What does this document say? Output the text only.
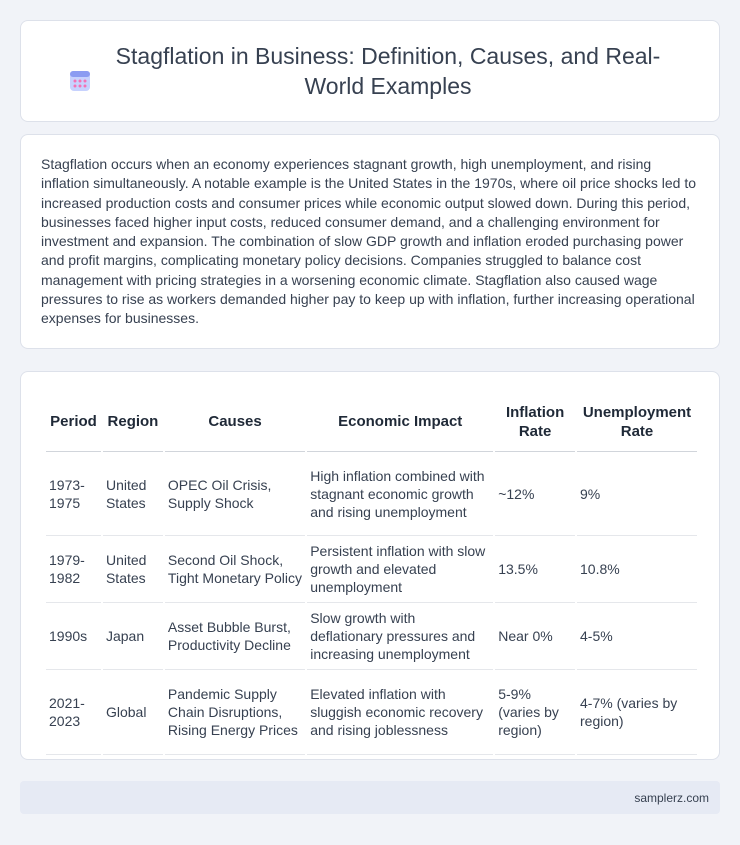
Stagflation in Business: Definition, Causes, and Real-World Examples

Stagflation occurs when an economy experiences stagnant growth, high unemployment, and rising inflation simultaneously. A notable example is the United States in the 1970s, where oil price shocks led to increased production costs and consumer prices while economic output slowed down. During this period, businesses faced higher input costs, reduced consumer demand, and a challenging environment for investment and expansion. The combination of slow GDP growth and inflation eroded purchasing power and profit margins, complicating monetary policy decisions. Companies struggled to balance cost management with pricing strategies in a worsening economic climate. Stagflation also caused wage pressures to rise as workers demanded higher pay to keep up with inflation, further increasing operational expenses for businesses.

Period	Region	Causes	Economic Impact	Inflation Rate	Unemployment Rate
1973-1975	United States	OPEC Oil Crisis, Supply Shock	High inflation combined with stagnant economic growth and rising unemployment	~12%	9%
1979-1982	United States	Second Oil Shock, Tight Monetary Policy	Persistent inflation with slow growth and elevated unemployment	13.5%	10.8%
1990s	Japan	Asset Bubble Burst, Productivity Decline	Slow growth with deflationary pressures and increasing unemployment	Near 0%	4-5%
2021-2023	Global	Pandemic Supply Chain Disruptions, Rising Energy Prices	Elevated inflation with sluggish economic recovery and rising joblessness	5-9% (varies by region)	4-7% (varies by region)
samplerz.com
